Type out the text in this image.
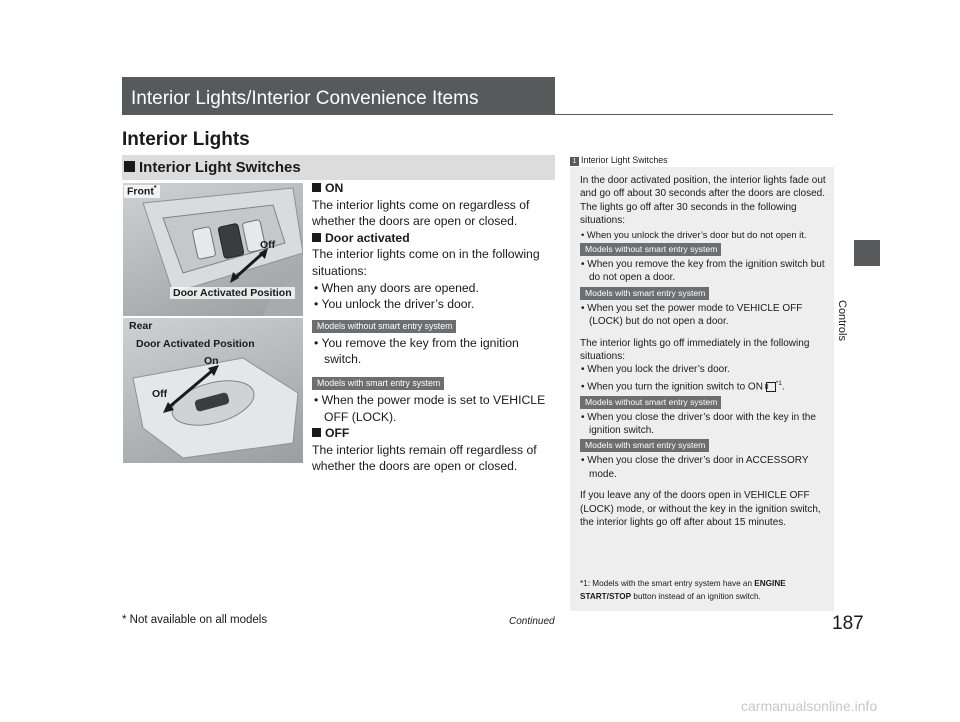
Interior Lights/Interior Convenience Items
Interior Lights
Interior Light Switches
Front*
Off
Door Activated Position
Rear
Door Activated Position
On
Off
ON
The interior lights come on regardless of whether the doors are open or closed.
Door activated
The interior lights come on in the following situations:
• When any doors are opened.
• You unlock the driver’s door.
Models without smart entry system
• You remove the key from the ignition switch.
Models with smart entry system
• When the power mode is set to VEHICLE OFF (LOCK).
OFF
The interior lights remain off regardless of whether the doors are open or closed.
1 Interior Light Switches
In the door activated position, the interior lights fade out and go off about 30 seconds after the doors are closed.
The lights go off after 30 seconds in the following situations:
• When you unlock the driver’s door but do not open it.
Models without smart entry system
• When you remove the key from the ignition switch but do not open a door.
Models with smart entry system
• When you set the power mode to VEHICLE OFF (LOCK) but do not open a door.
The interior lights go off immediately in the following situations:
• When you lock the driver’s door.
• When you turn the ignition switch to ON II$^{*1}$.
Models without smart entry system
• When you close the driver’s door with the key in the ignition switch.
Models with smart entry system
• When you close the driver’s door in ACCESSORY mode.
If you leave any of the doors open in VEHICLE OFF (LOCK) mode, or without the key in the ignition switch, the interior lights go off after about 15 minutes.
*1: Models with the smart entry system have an ENGINE START/STOP button instead of an ignition switch.
Controls
* Not available on all models	Continued	187
carmanualsonline.info
